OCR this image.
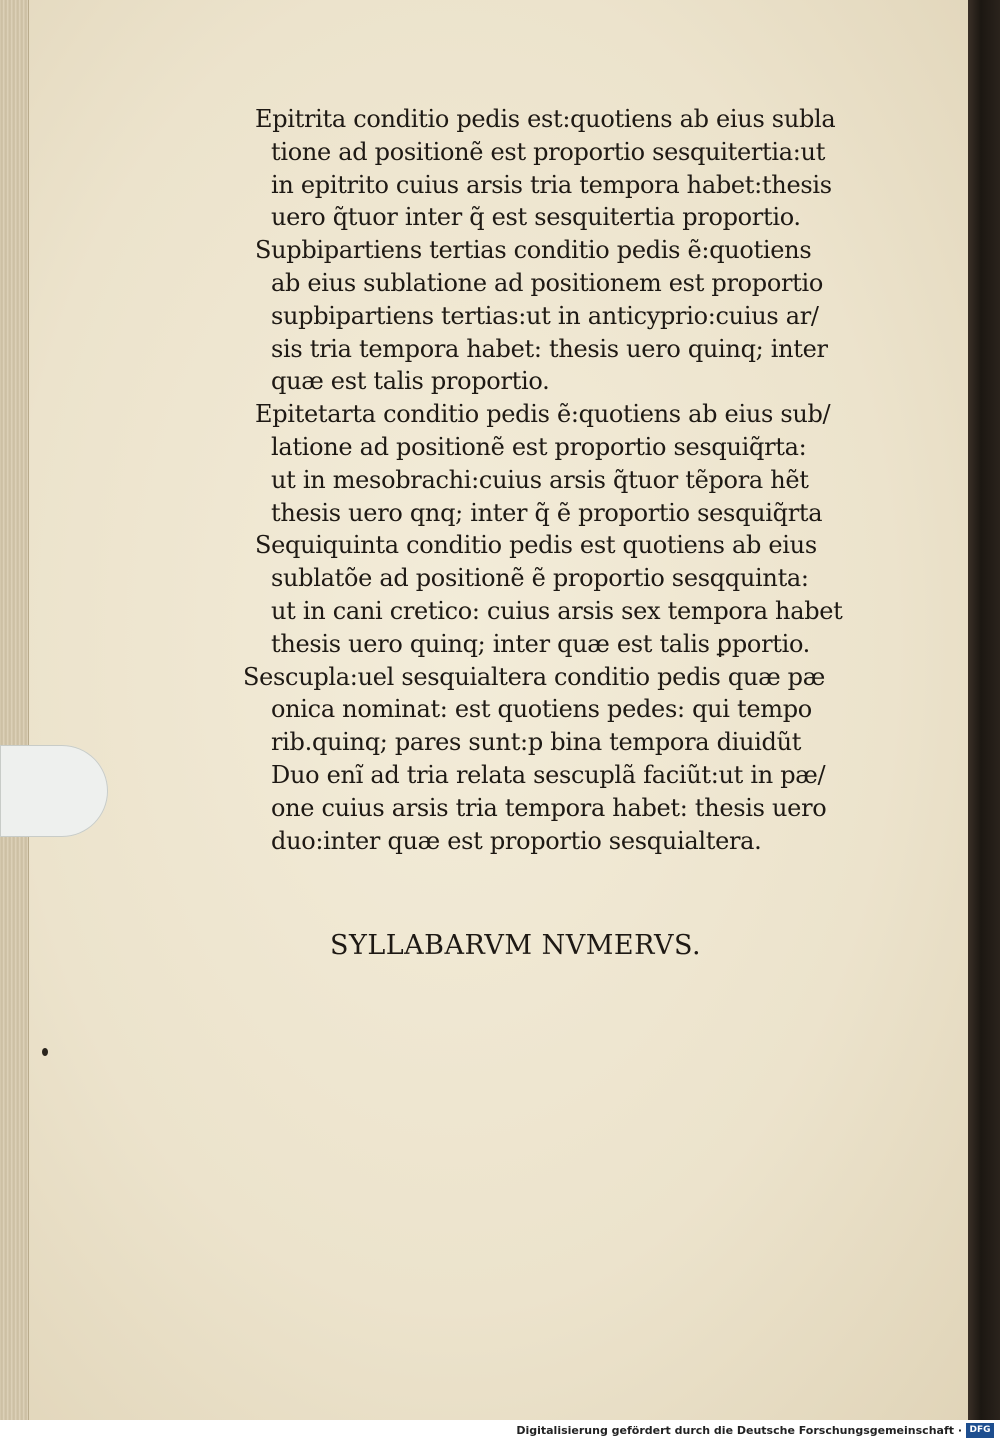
Epitrita conditio pedis est:quotiens ab eius subla
tione ad positionẽ est proportio sesquitertia:ut
in epitrito cuius arsis tria tempora habet:thesis
uero q̃tuor inter q̃ est sesquitertia proportio.
Supbipartiens tertias conditio pedis ẽ:quotiens
ab eius sublatione ad positionem est proportio
supbipartiens tertias:ut in anticyprio:cuius ar/
sis tria tempora habet: thesis uero quinq; inter
quæ est talis proportio.
Epitetarta conditio pedis ẽ:quotiens ab eius sub/
latione ad positionẽ est proportio sesquiq̃rta:
ut in mesobrachi:cuius arsis q̃tuor tẽpora hẽt
thesis uero qnq; inter q̃ ẽ proportio sesquiq̃rta
Sequiquinta conditio pedis est quotiens ab eius
sublatõe ad positionẽ ẽ proportio sesqquinta:
ut in cani cretico: cuius arsis sex tempora habet
thesis uero quinq; inter quæ est talis ꝑportio.
Sescupla:uel sesquialtera conditio pedis quæ pæ
onica nominat: est quotiens pedes: qui tempo
rib.quinq; pares sunt:p bina tempora diuidũt
Duo enĩ ad tria relata sescuplã faciũt:ut in pæ/
one cuius arsis tria tempora habet: thesis uero
duo:inter quæ est proportio sesquialtera.
SYLLABARVM NVMERVS.
Digitalisierung gefördert durch die Deutsche Forschungsgemeinschaft · DFG
